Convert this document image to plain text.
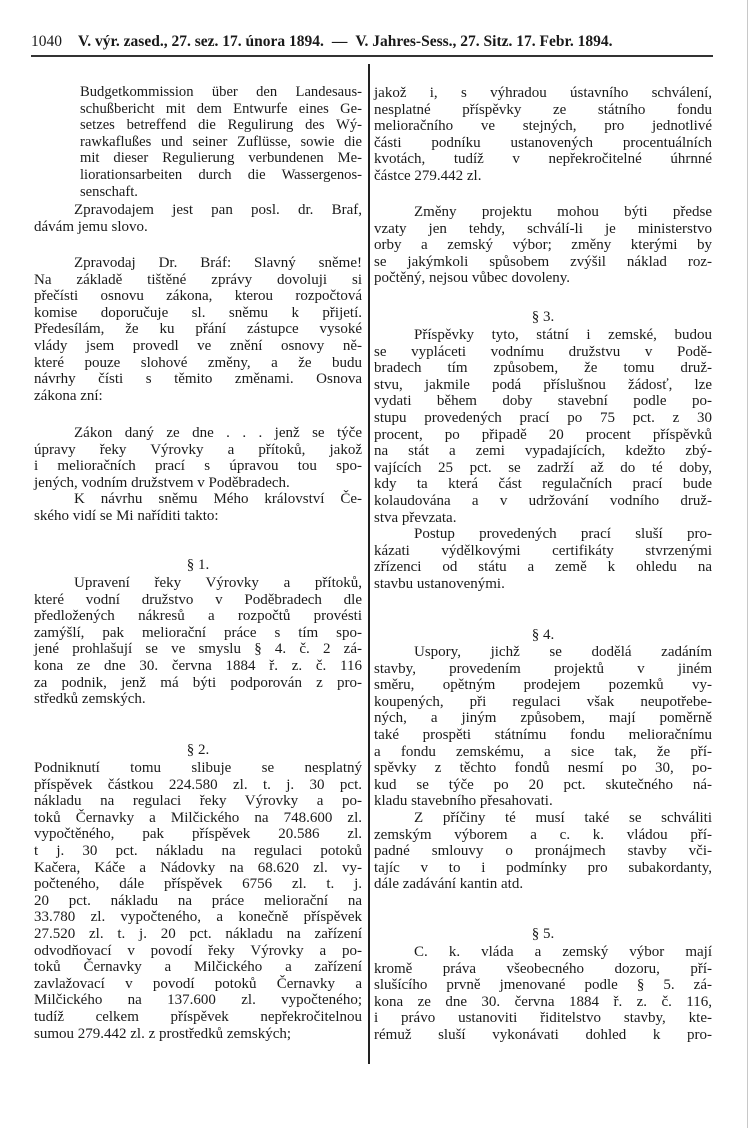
1040 V. výr. zased., 27. sez. 17. února 1894. — V. Jahres-Sess., 27. Sitz. 17. Febr. 1894.
Budgetkommission über den Landesaus-
schußbericht mit dem Entwurfe eines Ge-
setzes betreffend die Regulirung des Wý-
rawkaflußes und seiner Zuflüsse, sowie die
mit dieser Regulierung verbundenen Me-
liorationsarbeiten durch die Wassergenos-
senschaft.
Zpravodajem jest pan posl. dr. Braf,
dávám jemu slovo.
Zpravodaj Dr. Bráf: Slavný sněme!
Na základě tištěné zprávy dovoluji si
přečísti osnovu zákona, kterou rozpočtová
komise doporučuje sl. sněmu k přijetí.
Předesílám, že ku přání zástupce vysoké
vlády jsem provedl ve znění osnovy ně-
které pouze slohové změny, a že budu
návrhy čísti s těmito změnami. Osnova
zákona zní:
Zákon daný ze dne . . . jenž se týče
úpravy řeky Výrovky a přítoků, jakož
i melioračních prací s úpravou tou spo-
jených, vodním družstvem v Poděbradech.
K návrhu sněmu Mého království Če-
ského vidí se Mi naříditi takto:
§ 1.
Upravení řeky Výrovky a přítoků,
které vodní družstvo v Poděbradech dle
předložených nákresů a rozpočtů provésti
zamýšlí, pak meliorační práce s tím spo-
jené prohlašují se ve smyslu § 4. č. 2 zá-
kona ze dne 30. června 1884 ř. z. č. 116
za podnik, jenž má býti podporován z pro-
středků zemských.
§ 2.
Podniknutí tomu slibuje se nesplatný
příspěvek částkou 224.580 zl. t. j. 30 pct.
nákladu na regulaci řeky Výrovky a po-
toků Černavky a Milčického na 748.600 zl.
vypočtěného, pak příspěvek 20.586 zl.
t j. 30 pct. nákladu na regulaci potoků
Kačera, Káče a Nádovky na 68.620 zl. vy-
počteného, dále příspěvek 6756 zl. t. j.
20 pct. nákladu na práce meliorační na
33.780 zl. vypočteného, a konečně příspěvek
27.520 zl. t. j. 20 pct. nákladu na zařízení
odvodňovací v povodí řeky Výrovky a po-
toků Černavky a Milčického a zařízení
zavlažovací v povodí potoků Černavky a
Milčického na 137.600 zl. vypočteného;
tudíž celkem příspěvek nepřekročitelnou
sumou 279.442 zl. z prostředků zemských;
jakož i, s výhradou ústavního schválení,
nesplatné příspěvky ze státního fondu
melioračního ve stejných, pro jednotlivé
části podníku ustanovených procentuálních
kvotách, tudíž v nepřekročitelné úhrnné
částce 279.442 zl.
Změny projektu mohou býti předse
vzaty jen tehdy, schválí-li je ministerstvo
orby a zemský výbor; změny kterými by
se jakýmkoli spůsobem zvýšil náklad roz-
počtěný, nejsou vůbec dovoleny.
§ 3.
Příspěvky tyto, státní i zemské, budou
se vypláceti vodnímu družstvu v Podě-
bradech tím způsobem, že tomu druž-
stvu, jakmile podá příslušnou žádosť, lze
vydati během doby stavební podle po-
stupu provedených prací po 75 pct. z 30
procent, po připadě 20 procent příspěvků
na stát a zemi vypadajících, kdežto zbý-
vajících 25 pct. se zadrží až do té doby,
kdy ta která část regulačních prací bude
kolaudována a v udržování vodního druž-
stva převzata.
Postup provedených prací sluší pro-
kázati výdělkovými certifikáty stvrzenými
zřízenci od státu a země k ohledu na
stavbu ustanovenými.
§ 4.
Uspory, jichž se dodělá zadáním
stavby, provedením projektů v jiném
směru, opětným prodejem pozemků vy-
koupených, při regulaci však neupotřebe-
ných, a jiným způsobem, mají poměrně
také prospěti státnímu fondu melioračnímu
a fondu zemskému, a sice tak, že pří-
spěvky z těchto fondů nesmí po 30, po-
kud se týče po 20 pct. skutečného ná-
kladu stavebního přesahovati.
Z příčiny té musí také se schváliti
zemským výborem a c. k. vládou pří-
padné smlouvy o pronájmech stavby vči-
tajíc v to i podmínky pro subakordanty,
dále zadávání kantin atd.
§ 5.
C. k. vláda a zemský výbor mají
kromě práva všeobecného dozoru, pří-
slušícího prvně jmenované podle § 5. zá-
kona ze dne 30. června 1884 ř. z. č. 116,
i právo ustanoviti řiditelstvo stavby, kte-
rémuž sluší vykonávati dohled k pro-
